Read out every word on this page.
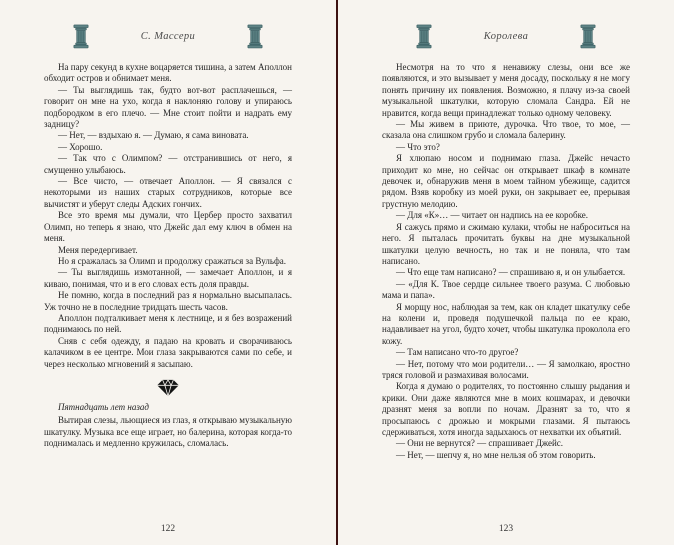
С. Массери

На пару секунд в кухне воцаряется тишина, а затем Аполлон обходит остров и обнимает меня.

— Ты выглядишь так, будто вот-вот расплачешься, — говорит он мне на ухо, когда я наклоняю голову и упираюсь подбородком в его плечо. — Мне стоит пойти и надрать ему задницу?

— Нет, — вздыхаю я. — Думаю, я сама виновата.

— Хорошо.

— Так что с Олимпом? — отстранившись от него, я смущенно улыбаюсь.

— Все чисто, — отвечает Аполлон. — Я связался с некоторыми из наших старых сотрудников, которые все вычистят и уберут следы Адских гончих.

Все это время мы думали, что Цербер просто захватил Олимп, но теперь я знаю, что Джейс дал ему ключ в обмен на меня.

Меня передергивает.

Но я сражалась за Олимп и продолжу сражаться за Вульфа.

— Ты выглядишь измотанной, — замечает Аполлон, и я киваю, понимая, что и в его словах есть доля правды.

Не помню, когда в последний раз я нормально высыпалась. Уж точно не в последние тридцать шесть часов.

Аполлон подталкивает меня к лестнице, и я без возражений поднимаюсь по ней.

Сняв с себя одежду, я падаю на кровать и сворачиваюсь калачиком в ее центре. Мои глаза закрываются сами по себе, и через несколько мгновений я засыпаю.

Пятнадцать лет назад

Вытирая слезы, льющиеся из глаз, я открываю музыкальную шкатулку. Музыка все еще играет, но балерина, которая когда-то поднималась и медленно кружилась, сломалась.

122
Королева

Несмотря на то что я ненавижу слезы, они все же появляются, и это вызывает у меня досаду, поскольку я не могу понять причину их появления. Возможно, я плачу из-за своей музыкальной шкатулки, которую сломала Сандра. Ей не нравится, когда вещи принадлежат только одному человеку.

— Мы живем в приюте, дурочка. Что твое, то мое, — сказала она слишком грубо и сломала балерину.

— Что это?

Я хлюпаю носом и поднимаю глаза. Джейс нечасто приходит ко мне, но сейчас он открывает шкаф в комнате девочек и, обнаружив меня в моем тайном убежище, садится рядом. Взяв коробку из моей руки, он закрывает ее, прерывая грустную мелодию.

— Для «К»… — читает он надпись на ее коробке.

Я сажусь прямо и сжимаю кулаки, чтобы не наброситься на него. Я пыталась прочитать буквы на дне музыкальной шкатулки целую вечность, но так и не поняла, что там написано.

— Что еще там написано? — спрашиваю я, и он улыбается.

— «Для К. Твое сердце сильнее твоего разума. С любовью мама и папа».

Я морщу нос, наблюдая за тем, как он кладет шкатулку себе на колени и, проведя подушечкой пальца по ее краю, надавливает на угол, будто хочет, чтобы шкатулка проколола его кожу.

— Там написано что-то другое?

— Нет, потому что мои родители… — Я замолкаю, яростно тряся головой и размахивая волосами.

Когда я думаю о родителях, то постоянно слышу рыдания и крики. Они даже являются мне в моих кошмарах, и девочки дразнят меня за вопли по ночам. Дразнят за то, что я просыпаюсь с дрожью и мокрыми глазами. Я пытаюсь сдерживаться, хотя иногда задыхаюсь от нехватки их объятий.

— Они не вернутся? — спрашивает Джейс.

— Нет, — шепчу я, но мне нельзя об этом говорить.

123
